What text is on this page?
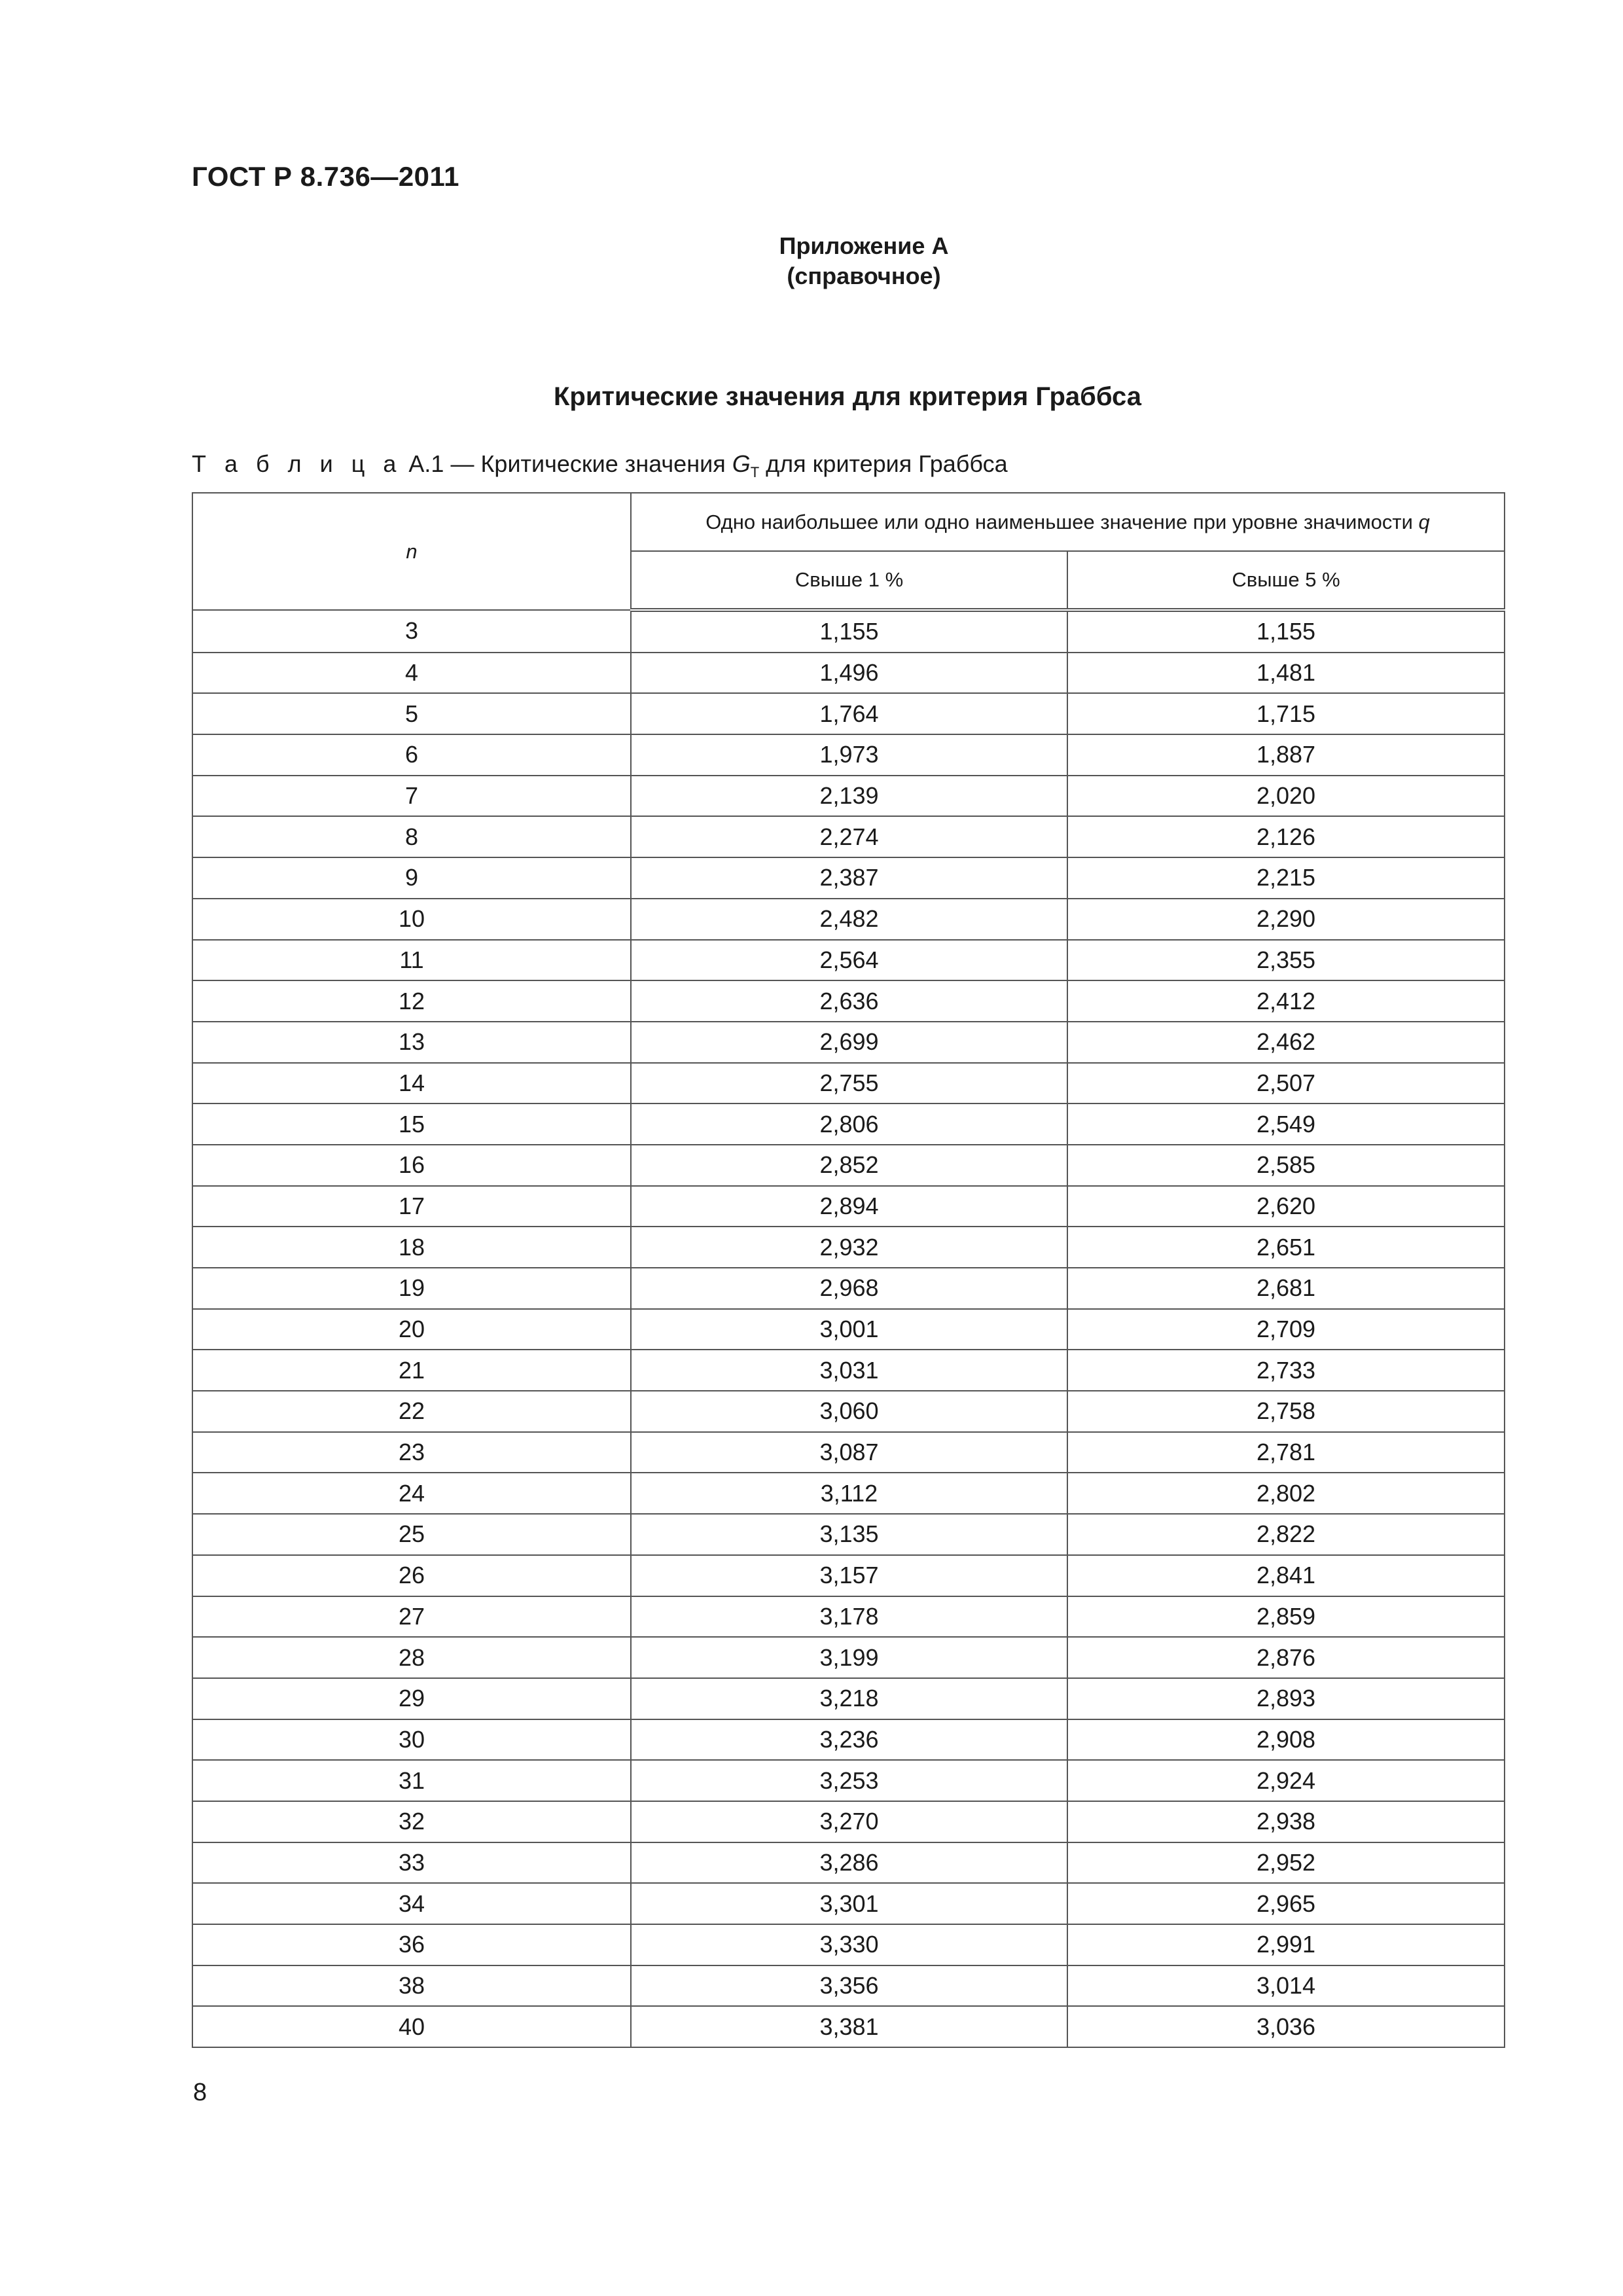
ГОСТ Р 8.736—2011
Приложение А
(справочное)
Критические значения для критерия Граббса
Т а б л и ц а А.1 — Критические значения $G_Т$ для критерия Граббса
n	Одно наибольшее или одно наименьшее значение при уровне значимости q	
	Свыше 1 %	Свыше 5 %
3	1,155	1,155
4	1,496	1,481
5	1,764	1,715
6	1,973	1,887
7	2,139	2,020
8	2,274	2,126
9	2,387	2,215
10	2,482	2,290
11	2,564	2,355
12	2,636	2,412
13	2,699	2,462
14	2,755	2,507
15	2,806	2,549
16	2,852	2,585
17	2,894	2,620
18	2,932	2,651
19	2,968	2,681
20	3,001	2,709
21	3,031	2,733
22	3,060	2,758
23	3,087	2,781
24	3,112	2,802
25	3,135	2,822
26	3,157	2,841
27	3,178	2,859
28	3,199	2,876
29	3,218	2,893
30	3,236	2,908
31	3,253	2,924
32	3,270	2,938
33	3,286	2,952
34	3,301	2,965
36	3,330	2,991
38	3,356	3,014
40	3,381	3,036
8
